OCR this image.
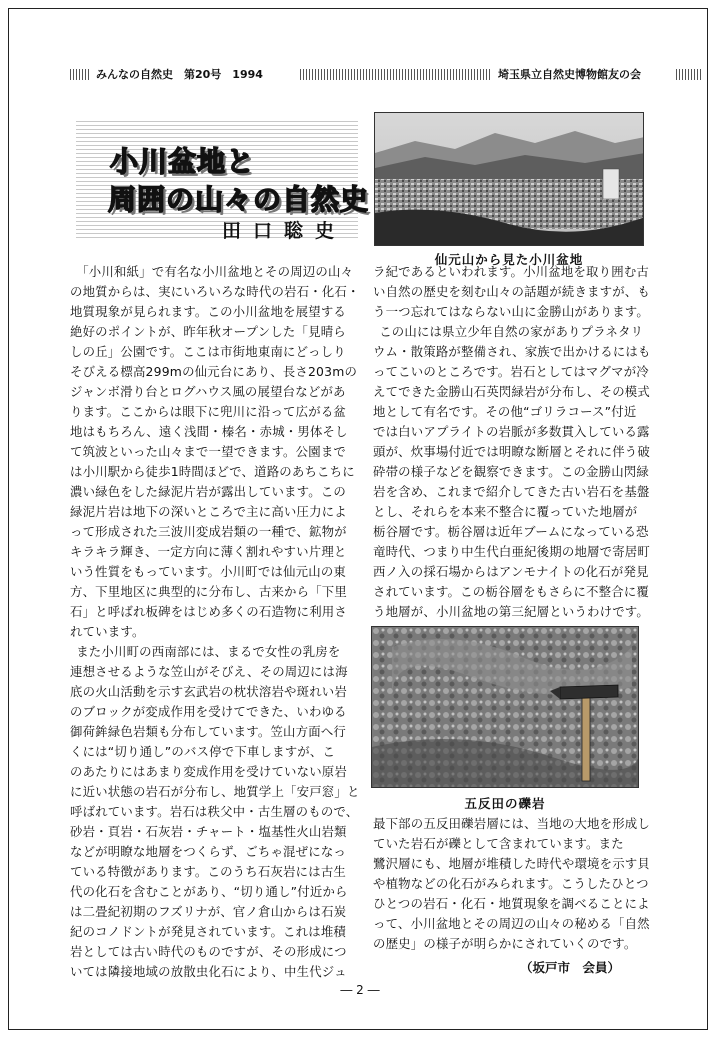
みんなの自然史　第20号　1994	埼玉県立自然史博物館友の会
小川盆地と
周囲の山々の自然史
田口聡史
仙元山から見た小川盆地
五反田の礫岩

「小川和紙」で有名な小川盆地とその周辺の山々
の地質からは、実にいろいろな時代の岩石・化石・
地質現象が見られます。この小川盆地を展望する
絶好のポイントが、昨年秋オープンした「見晴ら
しの丘」公園です。ここは市街地東南にどっしり
そびえる標高299mの仙元台にあり、長さ203mの
ジャンボ滑り台とログハウス風の展望台などがあ
ります。ここからは眼下に兜川に沿って広がる盆
地はもちろん、遠く浅間・榛名・赤城・男体そし
て筑波といった山々まで一望できます。公園まで
は小川駅から徒歩1時間ほどで、道路のあちこちに
濃い緑色をした緑泥片岩が露出しています。この
緑泥片岩は地下の深いところで主に高い圧力によ
って形成された三波川変成岩類の一種で、鉱物が
キラキラ輝き、一定方向に薄く割れやすい片理と
いう性質をもっています。小川町では仙元山の東
方、下里地区に典型的に分布し、古来から「下里
石」と呼ばれ板碑をはじめ多くの石造物に利用さ
れています。

また小川町の西南部には、まるで女性の乳房を
連想させるような笠山がそびえ、その周辺には海
底の火山活動を示す玄武岩の枕状溶岩や斑れい岩
のブロックが変成作用を受けてできた、いわゆる
御荷鉾緑色岩類も分布しています。笠山方面へ行
くには“切り通し”のバス停で下車しますが、こ
のあたりにはあまり変成作用を受けていない原岩
に近い状態の岩石が分布し、地質学上「安戸窓」と
呼ばれています。岩石は秩父中・古生層のもので、
砂岩・頁岩・石灰岩・チャート・塩基性火山岩類
などが明瞭な地層をつくらず、ごちゃ混ぜになっ
ている特徴があります。このうち石灰岩には古生
代の化石を含むことがあり、“切り通し”付近から
は二畳紀初期のフズリナが、官ノ倉山からは石炭
紀のコノドントが発見されています。これは堆積
岩としては古い時代のものですが、その形成につ
いては隣接地域の放散虫化石により、中生代ジュ

ラ紀であるといわれます。小川盆地を取り囲む古
い自然の歴史を刻む山々の話題が続きますが、も
う一つ忘れてはならない山に金勝山があります。

この山には県立少年自然の家がありプラネタリ
ウム・散策路が整備され、家族で出かけるにはも
ってこいのところです。岩石としてはマグマが冷
えてできた金勝山石英閃緑岩が分布し、その模式
地として有名です。その他“ゴリラコース”付近
では白いアプライトの岩脈が多数貫入している露
頭が、炊事場付近では明瞭な断層とそれに伴う破
砕帯の様子などを観察できます。この金勝山閃緑
岩を含め、これまで紹介してきた古い岩石を基盤
とし、それらを本来不整合に覆っていた地層が
栃谷層です。栃谷層は近年ブームになっている恐
竜時代、つまり中生代白亜紀後期の地層で寄居町
西ノ入の採石場からはアンモナイトの化石が発見
されています。この栃谷層をもさらに不整合に覆
う地層が、小川盆地の第三紀層というわけです。

最下部の五反田礫岩層には、当地の大地を形成し
ていた岩石が礫として含まれています。また
鷺沢層にも、地層が堆積した時代や環境を示す貝
や植物などの化石がみられます。こうしたひとつ
ひとつの岩石・化石・地質現象を調べることによ
って、小川盆地とその周辺の山々の秘める「自然
の歴史」の様子が明らかにされていくのです。

（坂戸市　会員）
― 2 ―
